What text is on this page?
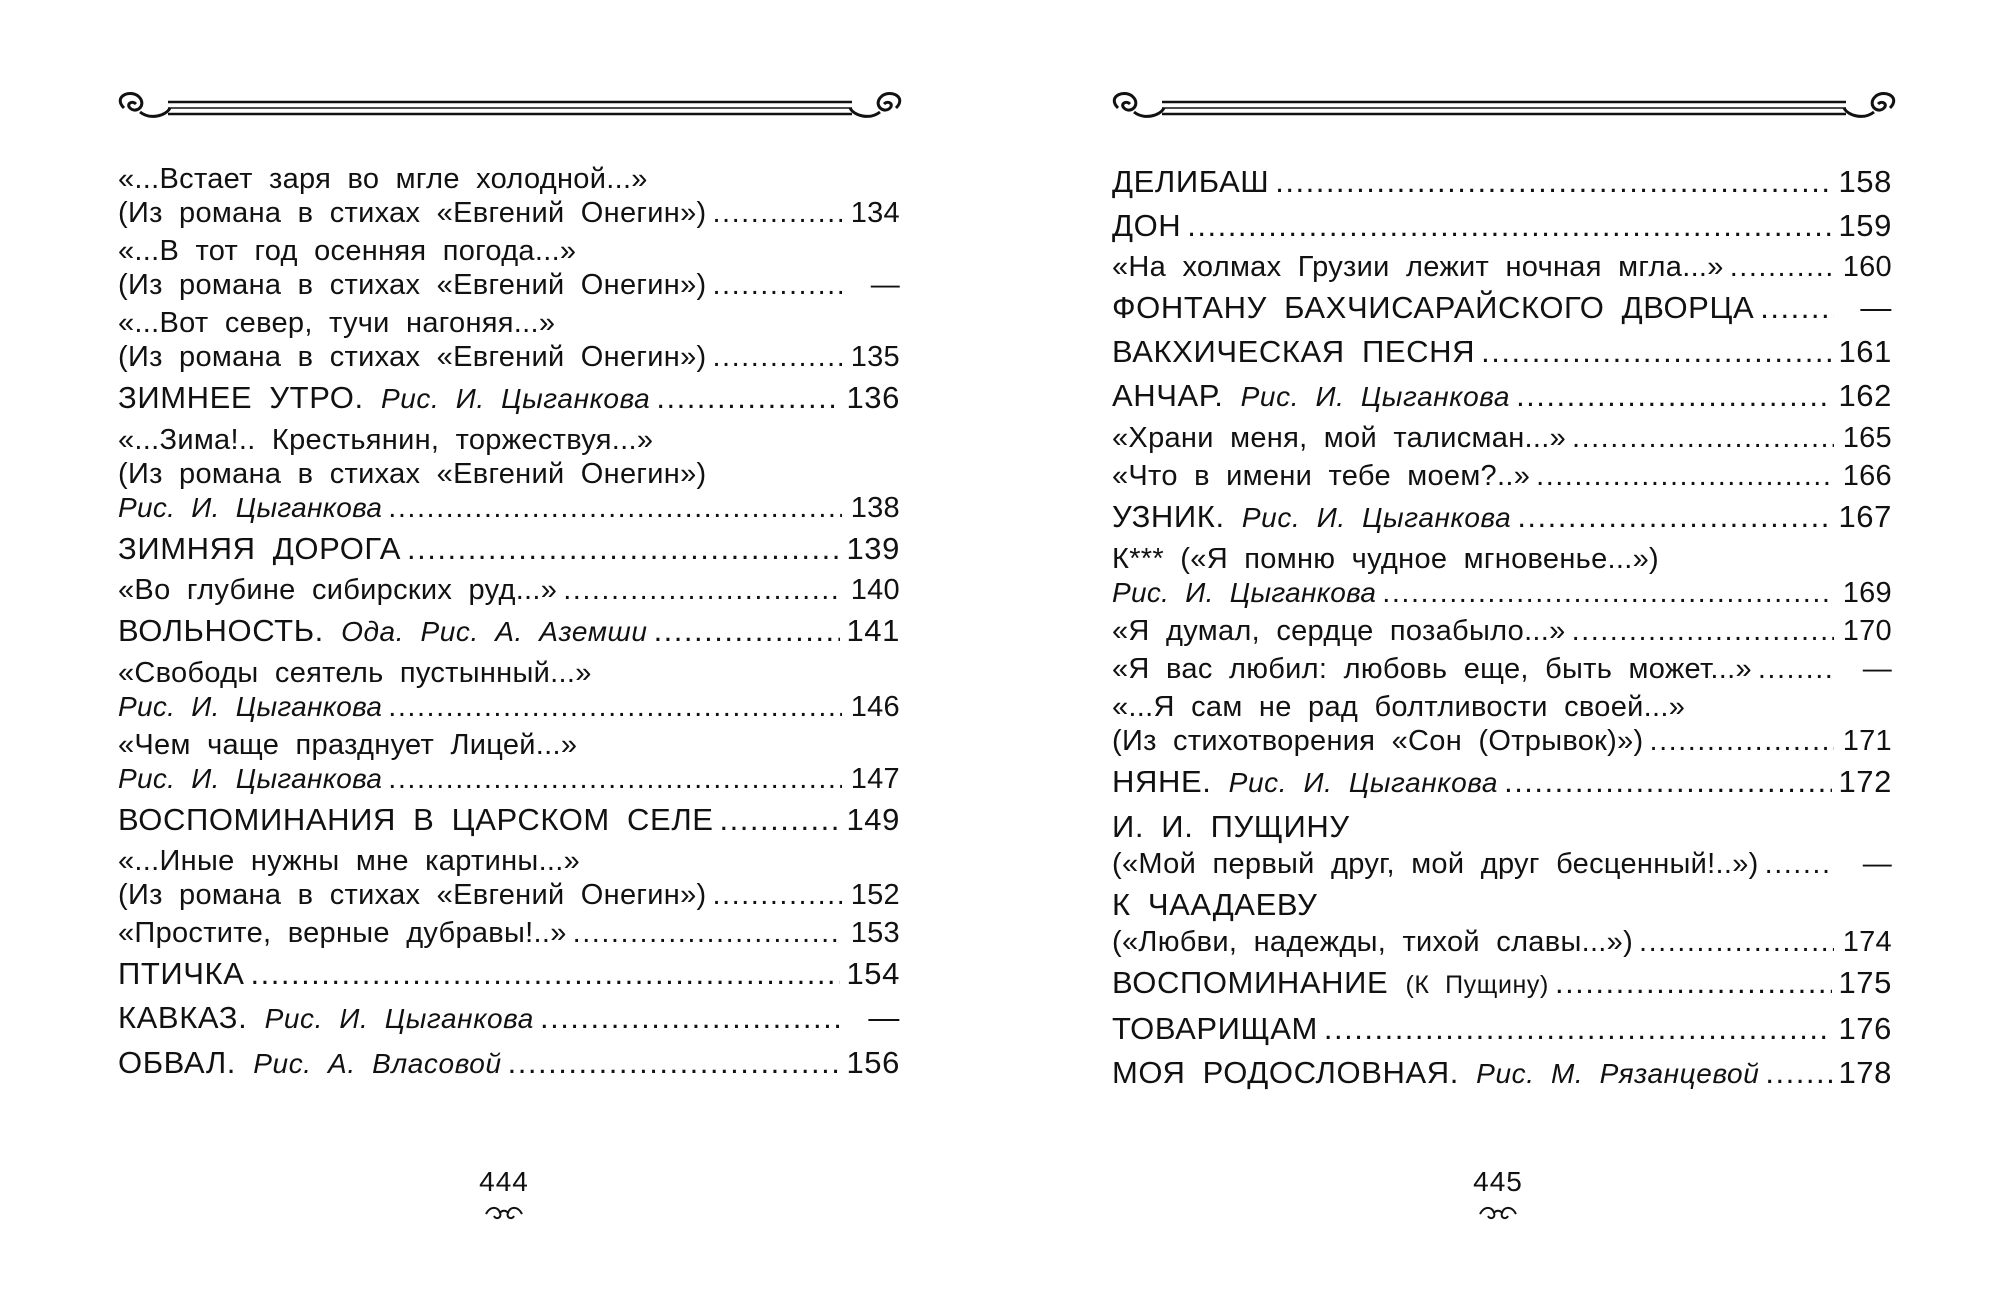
«...Встает заря во мгле холодной...»
(Из романа в стихах «Евгений Онегин») .....	134
«...В тот год осенняя погода...»
(Из романа в стихах «Евгений Онегин») .....	—
«...Вот север, тучи нагоняя...»
(Из романа в стихах «Евгений Онегин») .....	135
ЗИМНЕЕ УТРО. Рис. И. Цыганкова .....	136
«...Зима!.. Крестьянин, торжествуя...»
(Из романа в стихах «Евгений Онегин»)
Рис. И. Цыганкова .....	138
ЗИМНЯЯ ДОРОГА .....	139
«Во глубине сибирских руд...» .....	140
ВОЛЬНОСТЬ. Ода. Рис. А. Аземши .....	141
«Свободы сеятель пустынный...»
Рис. И. Цыганкова .....	146
«Чем чаще празднует Лицей...»
Рис. И. Цыганкова .....	147
ВОСПОМИНАНИЯ В ЦАРСКОМ СЕЛЕ .....	149
«...Иные нужны мне картины...»
(Из романа в стихах «Евгений Онегин») .....	152
«Простите, верные дубравы!..» .....	153
ПТИЧКА .....	154
КАВКАЗ. Рис. И. Цыганкова .....	—
ОБВАЛ. Рис. А. Власовой .....	156
444
ДЕЛИБАШ .....	158
ДОН .....	159
«На холмах Грузии лежит ночная мгла...» .....	160
ФОНТАНУ БАХЧИСАРАЙСКОГО ДВОРЦА .....	—
ВАКХИЧЕСКАЯ ПЕСНЯ .....	161
АНЧАР. Рис. И. Цыганкова .....	162
«Храни меня, мой талисман...» .....	165
«Что в имени тебе моем?..» .....	166
УЗНИК. Рис. И. Цыганкова .....	167
К*** («Я помню чудное мгновенье...»)
Рис. И. Цыганкова .....	169
«Я думал, сердце позабыло...» .....	170
«Я вас любил: любовь еще, быть может...» .....	—
«...Я сам не рад болтливости своей...»
(Из стихотворения «Сон (Отрывок)») .....	171
НЯНЕ. Рис. И. Цыганкова .....	172
И. И. ПУЩИНУ
(«Мой первый друг, мой друг бесценный!..») .....	—
К ЧААДАЕВУ
(«Любви, надежды, тихой славы...») .....	174
ВОСПОМИНАНИЕ (К Пущину) .....	175
ТОВАРИЩАМ .....	176
МОЯ РОДОСЛОВНАЯ. Рис. М. Рязанцевой .....	178
445
